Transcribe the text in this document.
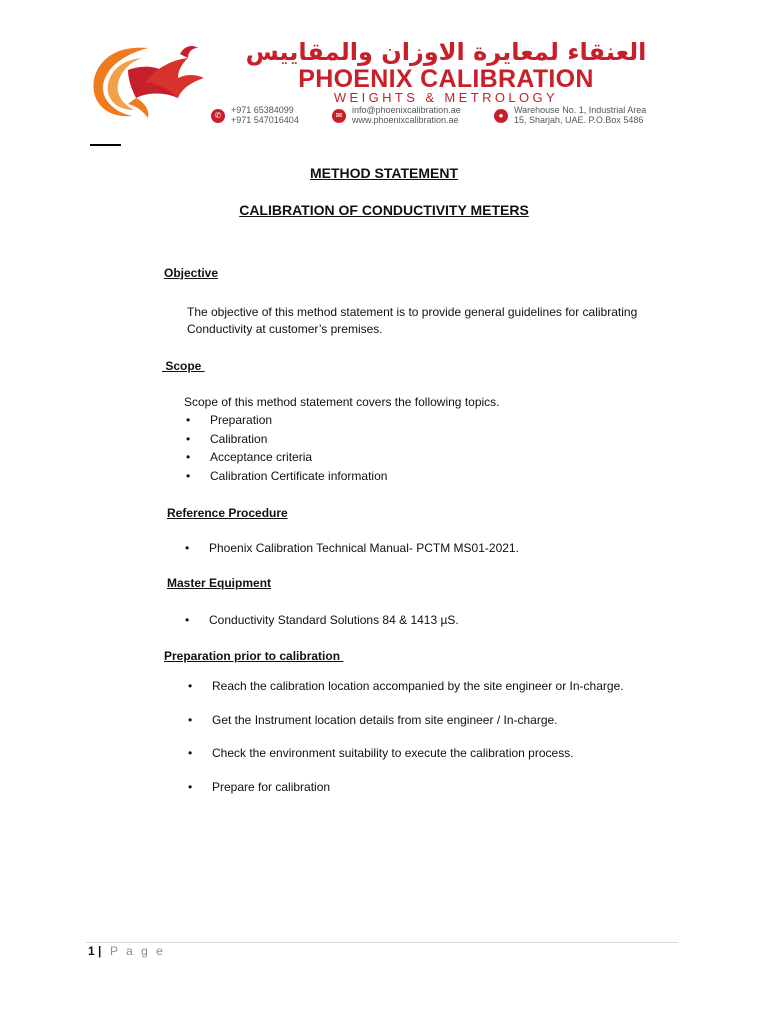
العنقاء لمعايرة الاوزان والمقاييس
PHOENIX CALIBRATION
WEIGHTS & METROLOGY
✆
+971 65384099
+971 547016404	✉
info@phoenixcalibration.ae
www.phoenixcalibration.ae	●
Warehouse No. 1, Industrial Area
15, Sharjah, UAE. P.O.Box 5486
METHOD STATEMENT
CALIBRATION OF CONDUCTIVITY METERS
Objective
The objective of this method statement is to provide general guidelines for calibrating
Conductivity at customer’s premises.
Scope
Scope of this method statement covers the following topics.
• Preparation
• Calibration
• Acceptance criteria
• Calibration Certificate information
Reference Procedure
• Phoenix Calibration Technical Manual- PCTM MS01-2021.
Master Equipment
• Conductivity Standard Solutions 84 & 1413 µS.
Preparation prior to calibration
• Reach the calibration location accompanied by the site engineer or In-charge.
• Get the Instrument location details from site engineer / In-charge.
• Check the environment suitability to execute the calibration process.
• Prepare for calibration
1 | P a g e
